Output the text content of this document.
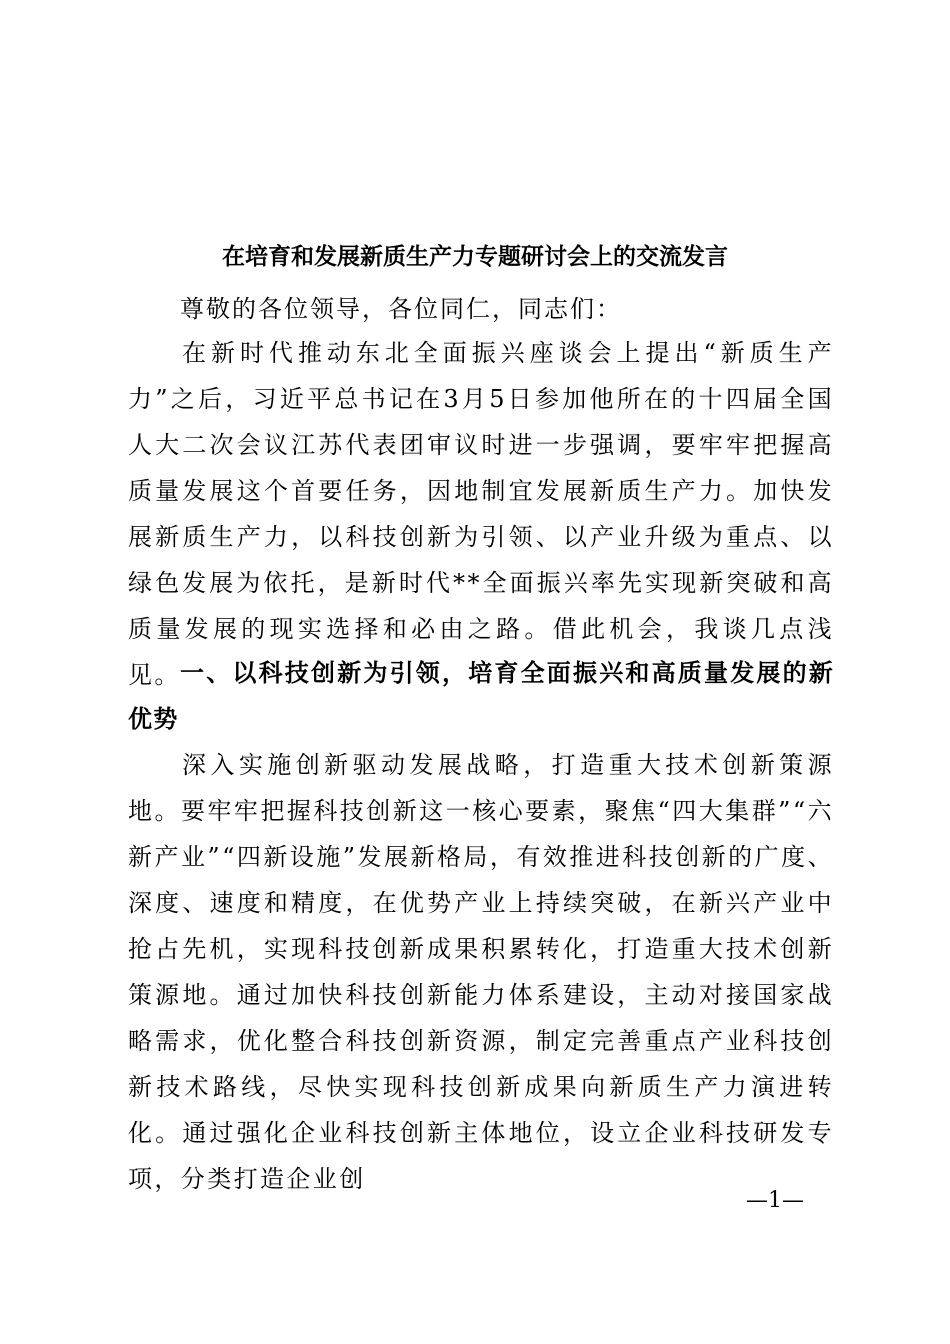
在培育和发展新质生产力专题研讨会上的交流发言
尊敬的各位领导，各位同仁，同志们：
在新时代推动东北全面振兴座谈会上提出“新质生产力”之后，习近平总书记在3月5日参加他所在的十四届全国人大二次会议江苏代表团审议时进一步强调，要牢牢把握高质量发展这个首要任务，因地制宜发展新质生产力。加快发展新质生产力，以科技创新为引领、以产业升级为重点、以绿色发展为依托，是新时代**全面振兴率先实现新突破和高质量发展的现实选择和必由之路。借此机会，我谈几点浅见。 一、以科技创新为引领，培育全面振兴和高质量发展的新优势
深入实施创新驱动发展战略，打造重大技术创新策源地。要牢牢把握科技创新这一核心要素，聚焦“四大集群”“六新产业”“四新设施”发展新格局，有效推进科技创新的广度、深度、速度和精度，在优势产业上持续突破，在新兴产业中抢占先机，实现科技创新成果积累转化，打造重大技术创新策源地。通过加快科技创新能力体系建设，主动对接国家战略需求，优化整合科技创新资源，制定完善重点产业科技创新技术路线，尽快实现科技创新成果向新质生产力演进转化。通过强化企业科技创新主体地位，设立企业科技研发专项，分类打造企业创
—1—
